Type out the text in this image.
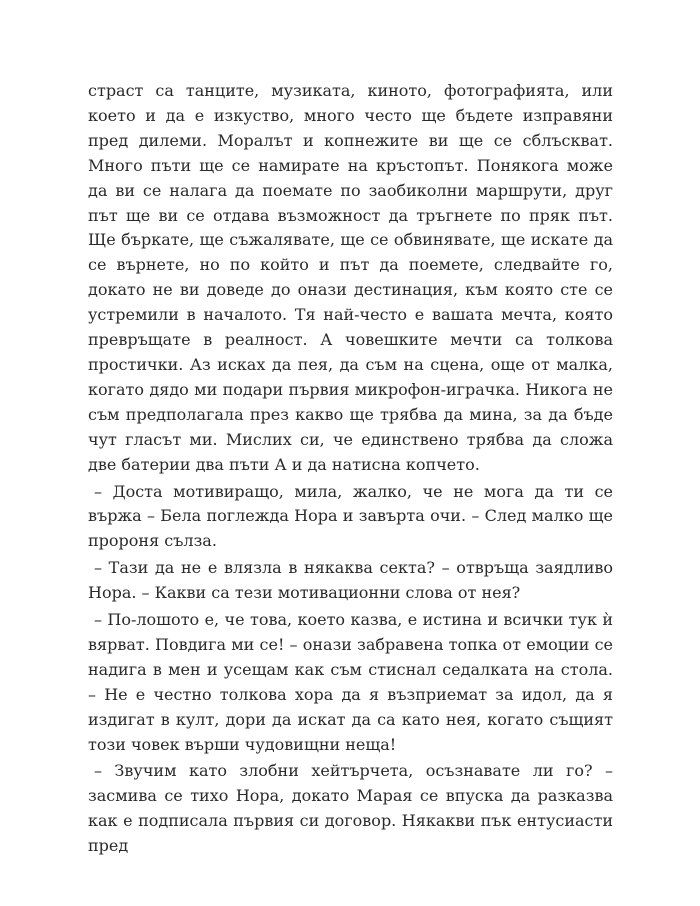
страст са танците, музиката, киното, фотографията, или което и да е изкуство, много често ще бъдете изправяни пред дилеми. Моралът и копнежите ви ще се сблъскват. Много пъти ще се намирате на кръстопът. Понякога може да ви се налага да поемате по заобиколни маршрути, друг път ще ви се отдава възможност да тръгнете по пряк път. Ще бъркате, ще съжалявате, ще се обвинявате, ще искате да се върнете, но по който и път да поемете, следвайте го, докато не ви доведе до онази дестинация, към която сте се устремили в началото. Тя най-често е вашата мечта, която превръщате в реалност. А човешките мечти са толкова простички. Аз исках да пея, да съм на сцена, още от малка, когато дядо ми подари първия микрофон-играчка. Никога не съм предполагала през какво ще трябва да мина, за да бъде чут гласът ми. Мислих си, че единствено трябва да сложа две батерии два пъти А и да натисна копчето.

– Доста мотивиращо, мила, жалко, че не мога да ти се вържа – Бела поглежда Нора и завърта очи. – След малко ще пророня сълза.

– Тази да не е влязла в някаква секта? – отвръща заядливо Нора. – Какви са тези мотивационни слова от нея?

– По-лошото е, че това, което казва, е истина и всички тук ѝ вярват. Повдига ми се! – онази забравена топка от емоции се надига в мен и усещам как съм стиснал седалката на стола. – Не е честно толкова хора да я възприемат за идол, да я издигат в култ, дори да искат да са като нея, когато същият този човек върши чудовищни неща!

– Звучим като злобни хейтърчета, осъзнавате ли го? – засмива се тихо Нора, докато Марая се впуска да разказва как е подписала първия си договор. Някакви пък ентусиасти пред
